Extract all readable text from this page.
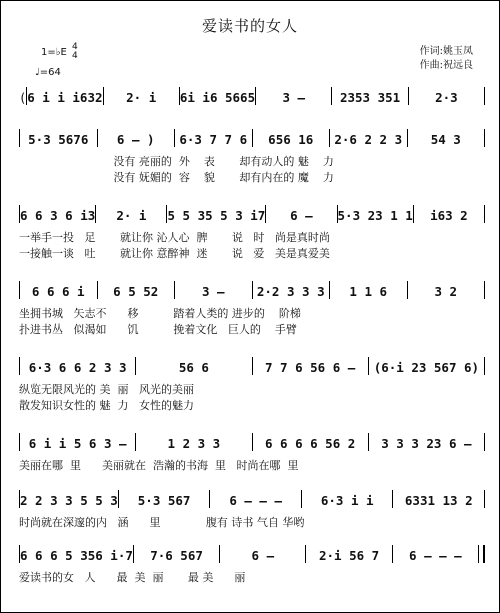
爱读书的女人
1=♭E 4
4
♩=64
作词:姚玉凤
作曲:祝远良
( 6 i i i632	2· i	6i i6 5665	3 –	2353 351	2·3
5·3 5676	6 – )	6·3 7 7 6	656 16	2·6 2 2 3	54 3
没有 亮丽的  外    表       却有动人的 魅    力
没有 妩媚的  容    貌       却有内在的 魔    力
6 6 3 6 i3	2· i	5 5 35 5 3 i7	6 –	5·3 23 1 1	i63 2
一举手一投   足       就让你 沁人心  脾       说   时   尚是真时尚
一接触一谈   吐       就让你 意醉神  迷       说   爱   美是真爱美
6 6 6 i	6 5 52	3 –	2·2 3 3 3	1 1 6	3 2
坐拥书城   矢志不      移          踏着人类的 进步的    阶梯
扑进书丛   似渴如      饥          挽着文化   巨人的    手臂
6·3 6 6 2 3 3	56 6	7 7 6 56 6 –	(6·i 23 567 6)
纵览无限风光的 美  丽   风光的美丽
散发知识女性的 魅  力   女性的魅力
6 i i 5 6 3 –	1 2 3 3	6 6 6 6 56 2	3 3 3 23 6 –
美丽在哪  里      美丽就在  浩瀚的书海  里   时尚在哪  里
2 2 3 3 5 5 3	5·3 567	6 – – –	6·3 i i	6331 13 2
时尚就在深邃的内   涵      里             腹有 诗书 气自 华哟
6 6 6 5 356 i·7	7·6 567	6 –	2·i 56 7	6 – – –
爱读书的女   人      最  美  丽       最 美      丽
